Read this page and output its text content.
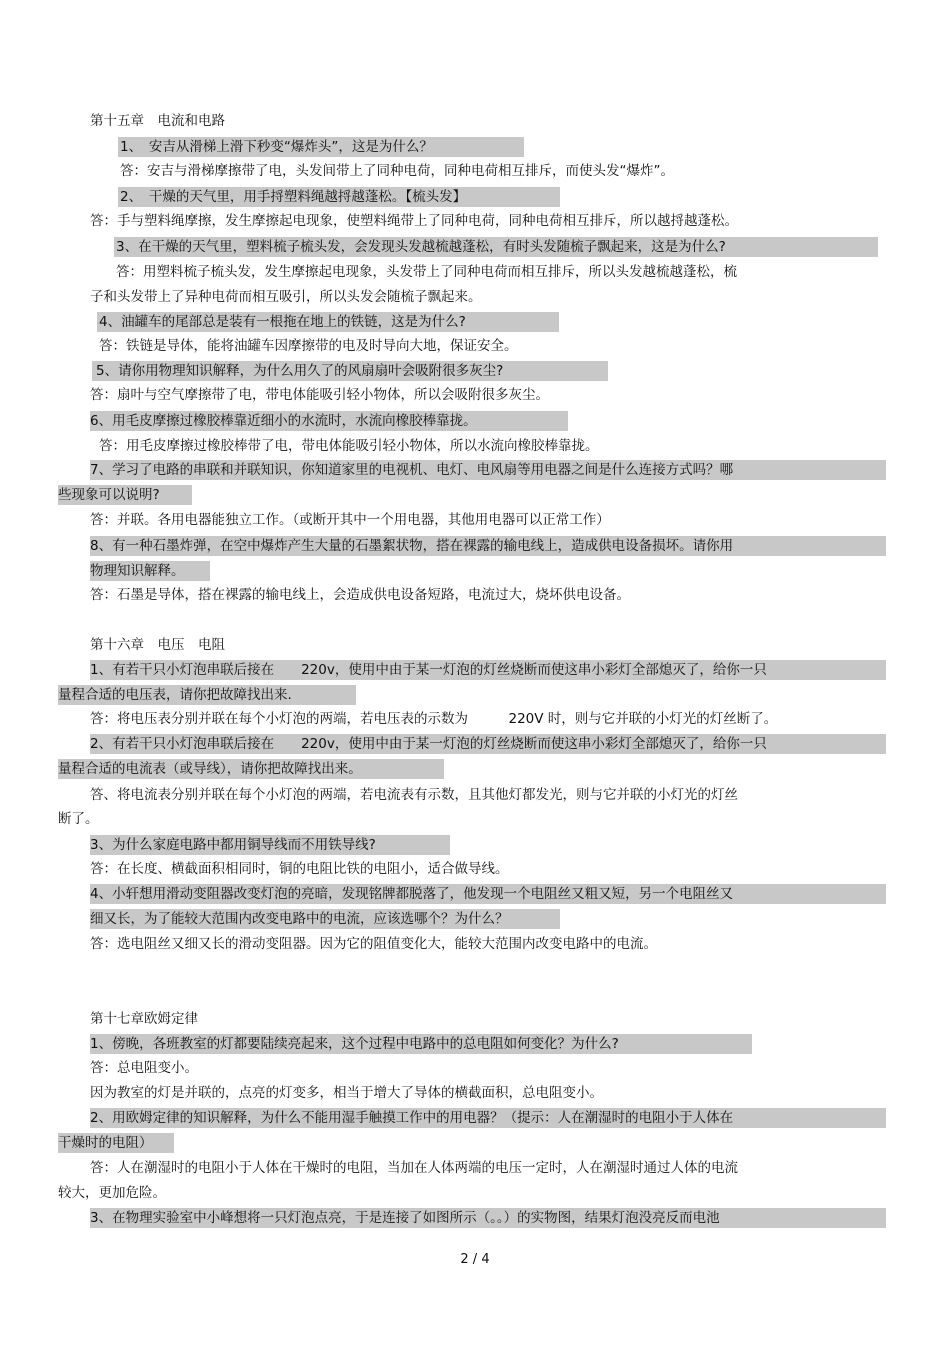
第十五章　电流和电路
1、　安吉从滑梯上滑下秒变“爆炸头”，这是为什么？
答：安吉与滑梯摩擦带了电，头发间带上了同种电荷，同种电荷相互排斥，而使头发“爆炸”。
2、　干燥的天气里，用手捋塑料绳越捋越蓬松。【梳头发】
答：手与塑料绳摩擦，发生摩擦起电现象，使塑料绳带上了同种电荷，同种电荷相互排斥，所以越捋越蓬松。
3、在干燥的天气里，塑料梳子梳头发，会发现头发越梳越蓬松，有时头发随梳子飘起来，这是为什么?
答：用塑料梳子梳头发，发生摩擦起电现象，头发带上了同种电荷而相互排斥，所以头发越梳越蓬松，梳
子和头发带上了异种电荷而相互吸引，所以头发会随梳子飘起来。
4、油罐车的尾部总是装有一根拖在地上的铁链，这是为什么?
答：铁链是导体，能将油罐车因摩擦带的电及时导向大地，保证安全。
5、请你用物理知识解释，为什么用久了的风扇扇叶会吸附很多灰尘?
答：扇叶与空气摩擦带了电，带电体能吸引轻小物体，所以会吸附很多灰尘。
6、用毛皮摩擦过橡胶棒靠近细小的水流时，水流向橡胶棒靠拢。
答：用毛皮摩擦过橡胶棒带了电，带电体能吸引轻小物体，所以水流向橡胶棒靠拢。
7、学习了电路的串联和并联知识，你知道家里的电视机、电灯、电风扇等用电器之间是什么连接方式吗？哪
些现象可以说明?
答：并联。各用电器能独立工作。（或断开其中一个用电器，其他用电器可以正常工作）
8、有一种石墨炸弹，在空中爆炸产生大量的石墨絮状物，搭在裸露的输电线上，造成供电设备损坏。请你用
物理知识解释。
答：石墨是导体，搭在裸露的输电线上，会造成供电设备短路，电流过大，烧坏供电设备。
第十六章　电压　电阻
1、有若干只小灯泡串联后接在　　220v，使用中由于某一灯泡的灯丝烧断而使这串小彩灯全部熄灭了，给你一只
量程合适的电压表，请你把故障找出来.
答：将电压表分别并联在每个小灯泡的两端，若电压表的示数为　　　220V 时，则与它并联的小灯光的灯丝断了。
2、有若干只小灯泡串联后接在　　220v，使用中由于某一灯泡的灯丝烧断而使这串小彩灯全部熄灭了，给你一只
量程合适的电流表（或导线），请你把故障找出来。
答、将电流表分别并联在每个小灯泡的两端，若电流表有示数，且其他灯都发光，则与它并联的小灯光的灯丝
断了。
3、为什么家庭电路中都用铜导线而不用铁导线?
答：在长度、横截面积相同时，铜的电阻比铁的电阻小，适合做导线。
4、小轩想用滑动变阻器改变灯泡的亮暗，发现铭牌都脱落了，他发现一个电阻丝又粗又短，另一个电阻丝又
细又长，为了能较大范围内改变电路中的电流，应该选哪个？为什么？
答：选电阻丝又细又长的滑动变阻器。因为它的阻值变化大，能较大范围内改变电路中的电流。
第十七章欧姆定律
1、傍晚，各班教室的灯都要陆续亮起来，这个过程中电路中的总电阻如何变化？为什么?
答：总电阻变小。
因为教室的灯是并联的，点亮的灯变多，相当于增大了导体的横截面积，总电阻变小。
2、用欧姆定律的知识解释，为什么不能用湿手触摸工作中的用电器？（提示：人在潮湿时的电阻小于人体在
干燥时的电阻）
答：人在潮湿时的电阻小于人体在干燥时的电阻，当加在人体两端的电压一定时，人在潮湿时通过人体的电流
较大，更加危险。
3、在物理实验室中小峰想将一只灯泡点亮，于是连接了如图所示（。。）的实物图，结果灯泡没亮反而电池
2 / 4
